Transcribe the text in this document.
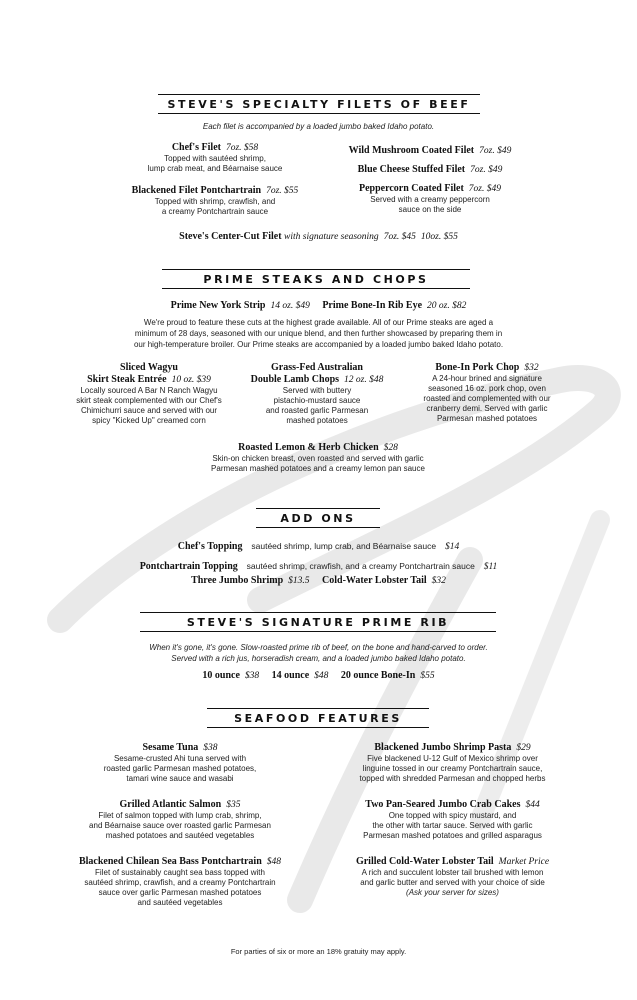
STEVE'S SPECIALTY FILETS OF BEEF
Each filet is accompanied by a loaded jumbo baked Idaho potato.
Chef's Filet 7oz. $58
Topped with sautéed shrimp,
lump crab meat, and Béarnaise sauce
Blackened Filet Pontchartrain 7oz. $55
Topped with shrimp, crawfish, and
a creamy Pontchartrain sauce
Wild Mushroom Coated Filet 7oz. $49
Blue Cheese Stuffed Filet 7oz. $49
Peppercorn Coated Filet 7oz. $49
Served with a creamy peppercorn
sauce on the side
Steve's Center-Cut Filet with signature seasoning 7oz. $45 10oz. $55
PRIME STEAKS AND CHOPS
Prime New York Strip 14 oz. $49 Prime Bone-In Rib Eye 20 oz. $82
We're proud to feature these cuts at the highest grade available. All of our Prime steaks are aged a
minimum of 28 days, seasoned with our unique blend, and then further showcased by preparing them in
our high-temperature broiler. Our Prime steaks are accompanied by a loaded jumbo baked Idaho potato.
Sliced Wagyu
Skirt Steak Entrée 10 oz. $39
Locally sourced A Bar N Ranch Wagyu
skirt steak complemented with our Chef's
Chimichurri sauce and served with our
spicy "Kicked Up" creamed corn
Grass-Fed Australian
Double Lamb Chops 12 oz. $48
Served with buttery
pistachio-mustard sauce
and roasted garlic Parmesan
mashed potatoes
Bone-In Pork Chop $32
A 24-hour brined and signature
seasoned 16 oz. pork chop, oven
roasted and complemented with our
cranberry demi. Served with garlic
Parmesan mashed potatoes
Roasted Lemon & Herb Chicken $28
Skin-on chicken breast, oven roasted and served with garlic
Parmesan mashed potatoes and a creamy lemon pan sauce
ADD ONS
Chef's Topping sautéed shrimp, lump crab, and Béarnaise sauce $14
Pontchartrain Topping sautéed shrimp, crawfish, and a creamy Pontchartrain sauce $11
Three Jumbo Shrimp $13.5 Cold-Water Lobster Tail $32
STEVE'S SIGNATURE PRIME RIB
When it's gone, it's gone. Slow-roasted prime rib of beef, on the bone and hand-carved to order.
Served with a rich jus, horseradish cream, and a loaded jumbo baked Idaho potato.
10 ounce $38 14 ounce $48 20 ounce Bone-In $55
SEAFOOD FEATURES
Sesame Tuna $38
Sesame-crusted Ahi tuna served with
roasted garlic Parmesan mashed potatoes,
tamari wine sauce and wasabi
Grilled Atlantic Salmon $35
Filet of salmon topped with lump crab, shrimp,
and Béarnaise sauce over roasted garlic Parmesan
mashed potatoes and sautéed vegetables
Blackened Chilean Sea Bass Pontchartrain $48
Filet of sustainably caught sea bass topped with
sautéed shrimp, crawfish, and a creamy Pontchartrain
sauce over garlic Parmesan mashed potatoes
and sautéed vegetables
Blackened Jumbo Shrimp Pasta $29
Five blackened U-12 Gulf of Mexico shrimp over
linguine tossed in our creamy Pontchartrain sauce,
topped with shredded Parmesan and chopped herbs
Two Pan-Seared Jumbo Crab Cakes $44
One topped with spicy mustard, and
the other with tartar sauce. Served with garlic
Parmesan mashed potatoes and grilled asparagus
Grilled Cold-Water Lobster Tail Market Price
A rich and succulent lobster tail brushed with lemon
and garlic butter and served with your choice of side
(Ask your server for sizes)
For parties of six or more an 18% gratuity may apply.
